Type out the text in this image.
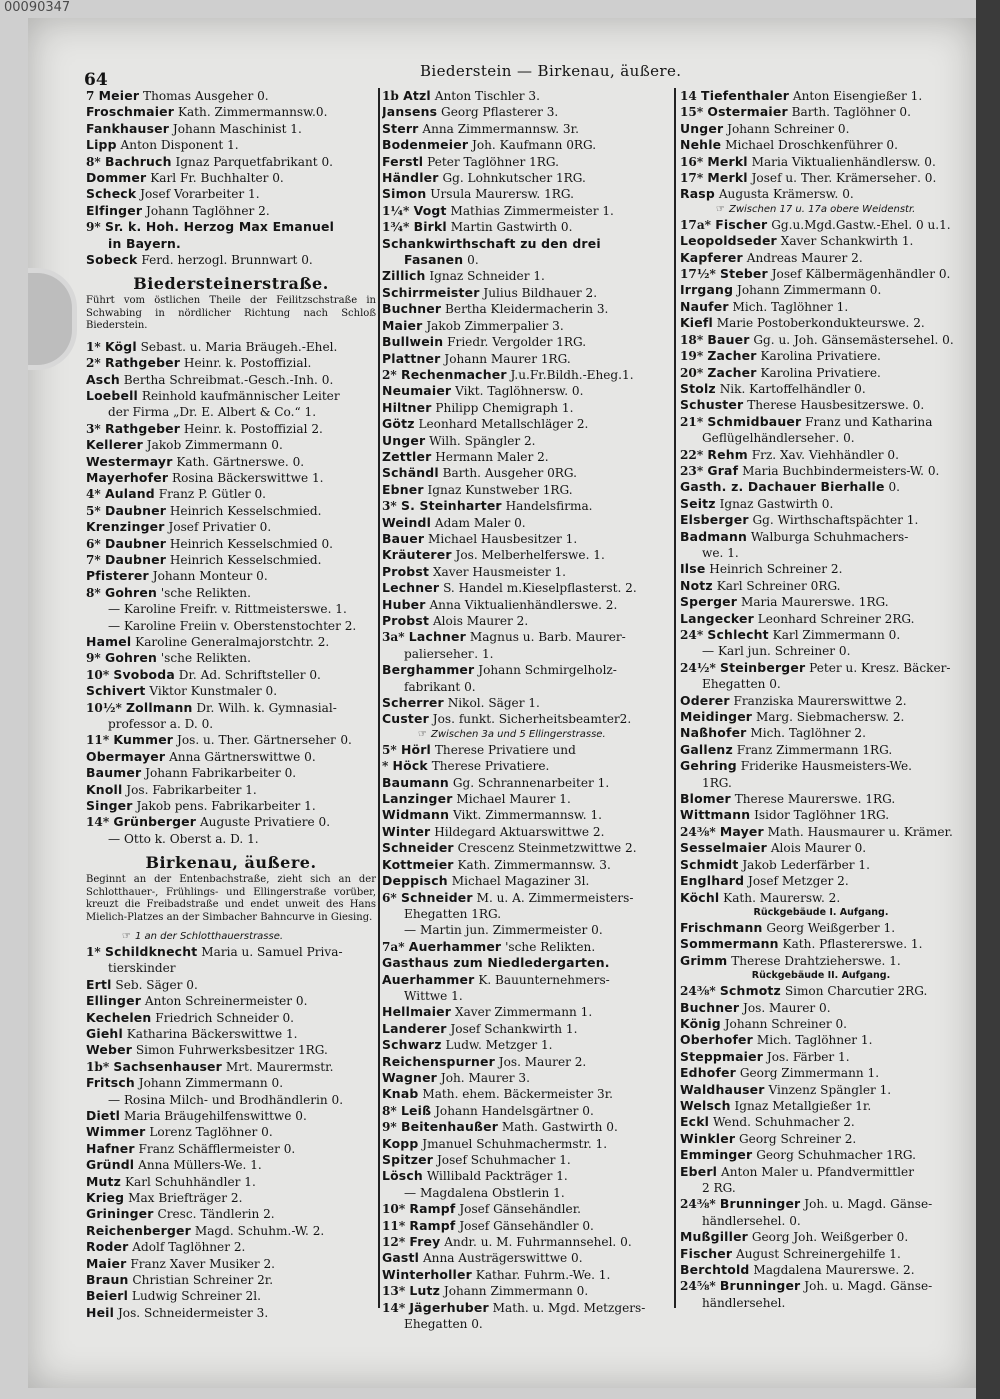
00090347
64	Biederstein — Birkenau, äußere.
7 Meier Thomas Ausgeher 0.
Froschmaier Kath. Zimmermannsw.0.
Fankhauser Johann Maschinist 1.
Lipp Anton Disponent 1.
8* Bachruch Ignaz Parquetfabrikant 0.
Dommer Karl Fr. Buchhalter 0.
Scheck Josef Vorarbeiter 1.
Elfinger Johann Taglöhner 2.
9* Sr. k. Hoh. Herzog Max Emanuel
in Bayern.
Sobeck Ferd. herzogl. Brunnwart 0.
Biedersteinerstraße.
Führt vom östlichen Theile der Feilitzschstraße in Schwabing in nördlicher Richtung nach Schloß Biederstein.
1* Kögl Sebast. u. Maria Bräugeh.-Ehel.
2* Rathgeber Heinr. k. Postoffizial.
Asch Bertha Schreibmat.-Gesch.-Inh. 0.
Loebell Reinhold kaufmännischer Leiter
der Firma „Dr. E. Albert & Co.“ 1.
3* Rathgeber Heinr. k. Postoffizial 2.
Kellerer Jakob Zimmermann 0.
Westermayr Kath. Gärtnerswe. 0.
Mayerhofer Rosina Bäckerswittwe 1.
4* Auland Franz P. Gütler 0.
5* Daubner Heinrich Kesselschmied.
Krenzinger Josef Privatier 0.
6* Daubner Heinrich Kesselschmied 0.
7* Daubner Heinrich Kesselschmied.
Pfisterer Johann Monteur 0.
8* Gohren 'sche Relikten.
— Karoline Freifr. v. Rittmeisterswe. 1.
— Karoline Freiin v. Oberstenstochter 2.
Hamel Karoline Generalmajorstchtr. 2.
9* Gohren 'sche Relikten.
10* Svoboda Dr. Ad. Schriftsteller 0.
Schivert Viktor Kunstmaler 0.
10½* Zollmann Dr. Wilh. k. Gymnasial-
professor a. D. 0.
11* Kummer Jos. u. Ther. Gärtnersehег 0.
Obermayer Anna Gärtnerswittwe 0.
Baumer Johann Fabrikarbeiter 0.
Knoll Jos. Fabrikarbeiter 1.
Singer Jakob pens. Fabrikarbeiter 1.
14* Grünberger Auguste Privatiere 0.
— Otto k. Oberst a. D. 1.
Birkenau, äußere.
Beginnt an der Entenbachstraße, zieht sich an der Schlotthauer-, Frühlings- und Ellingerstraße vorüber, kreuzt die Freibadstraße und endet unweit des Hans Mielich-Platzes an der Simbacher Bahncurve in Giesing.
☞ 1 an der Schlotthauerstrasse.
1* Schildknecht Maria u. Samuel Priva-
tierskinder
Ertl Seb. Säger 0.
Ellinger Anton Schreinermeister 0.
Kechelen Friedrich Schneider 0.
Giehl Katharina Bäckerswittwe 1.
Weber Simon Fuhrwerksbesitzer 1RG.
1b* Sachsenhauser Mrt. Maurermstr.
Fritsch Johann Zimmermann 0.
— Rosina Milch- und Brodhändlerin 0.
Dietl Maria Bräugehilfenswittwe 0.
Wimmer Lorenz Taglöhner 0.
Hafner Franz Schäfflermeister 0.
Gründl Anna Müllers-We. 1.
Mutz Karl Schuhhändler 1.
Krieg Max Briefträger 2.
Grininger Cresc. Tändlerin 2.
Reichenberger Magd. Schuhm.-W. 2.
Roder Adolf Taglöhner 2.
Maier Franz Xaver Musiker 2.
Braun Christian Schreiner 2r.
Beierl Ludwig Schreiner 2l.
Heil Jos. Schneidermeister 3.
1b Atzl Anton Tischler 3.
Jansens Georg Pflasterer 3.
Sterr Anna Zimmermannsw. 3r.
Bodenmeier Joh. Kaufmann 0RG.
Ferstl Peter Taglöhner 1RG.
Händler Gg. Lohnkutscher 1RG.
Simon Ursula Maurersw. 1RG.
1¼* Vogt Mathias Zimmermeister 1.
1¾* Birkl Martin Gastwirth 0.
Schankwirthschaft zu den drei
Fasanen 0.
Zillich Ignaz Schneider 1.
Schirrmeister Julius Bildhauer 2.
Buchner Bertha Kleidermacherin 3.
Maier Jakob Zimmerpalier 3.
Bullwein Friedr. Vergolder 1RG.
Plattner Johann Maurer 1RG.
2* Rechenmacher J.u.Fr.Bildh.-Eheg.1.
Neumaier Vikt. Taglöhnersw. 0.
Hiltner Philipp Chemigraph 1.
Götz Leonhard Metallschläger 2.
Unger Wilh. Spängler 2.
Zettler Hermann Maler 2.
Schändl Barth. Ausgeher 0RG.
Ebner Ignaz Kunstweber 1RG.
3* S. Steinharter Handelsfirma.
Weindl Adam Maler 0.
Bauer Michael Hausbesitzer 1.
Kräuterer Jos. Melberhelferswe. 1.
Probst Xaver Hausmeister 1.
Lechner S. Handel m.Kieselpflasterst. 2.
Huber Anna Viktualienhändlerswe. 2.
Probst Alois Maurer 2.
3a* Lachner Magnus u. Barb. Maurer-
paliersehег. 1.
Berghammer Johann Schmirgelholz-
fabrikant 0.
Scherrer Nikol. Säger 1.
Custer Jos. funkt. Sicherheitsbeamter2.
☞ Zwischen 3a und 5 Ellingerstrasse.
5* Hörl Therese Privatiere und
* Höck Therese Privatiere.
Baumann Gg. Schrannenarbeiter 1.
Lanzinger Michael Maurer 1.
Widmann Vikt. Zimmermannsw. 1.
Winter Hildegard Aktuarswittwe 2.
Schneider Crescenz Steinmetzwittwe 2.
Kottmeier Kath. Zimmermannsw. 3.
Deppisch Michael Magaziner 3l.
6* Schneider M. u. A. Zimmermeisters-
Ehegatten 1RG.
— Martin jun. Zimmermeister 0.
7a* Auerhammer 'sche Relikten.
Gasthaus zum Niedledergarten.
Auerhammer K. Bauunternehmers-
Wittwe 1.
Hellmaier Xaver Zimmermann 1.
Landerer Josef Schankwirth 1.
Schwarz Ludw. Metzger 1.
Reichenspurner Jos. Maurer 2.
Wagner Joh. Maurer 3.
Knab Math. ehem. Bäckermeister 3r.
8* Leiß Johann Handelsgärtner 0.
9* Beitenhaußer Math. Gastwirth 0.
Kopp Jmanuel Schuhmachermstr. 1.
Spitzer Josef Schuhmacher 1.
Lösch Willibald Packträger 1.
— Magdalena Obstlerin 1.
10* Rampf Josef Gänsehändler.
11* Rampf Josef Gänsehändler 0.
12* Frey Andr. u. M. Fuhrmannsehel. 0.
Gastl Anna Austrägerswittwe 0.
Winterholler Kathar. Fuhrm.-We. 1.
13* Lutz Johann Zimmermann 0.
14* Jägerhuber Math. u. Mgd. Metzgers-
Ehegatten 0.
14 Tiefenthaler Anton Eisengießer 1.
15* Ostermaier Barth. Taglöhner 0.
Unger Johann Schreiner 0.
Nehle Michael Droschkenführer 0.
16* Merkl Maria Viktualienhändlersw. 0.
17* Merkl Josef u. Ther. Krämersehег. 0.
Rasp Augusta Krämersw. 0.
☞ Zwischen 17 u. 17a obere Weidenstr.
17a* Fischer Gg.u.Mgd.Gastw.-Ehel. 0 u.1.
Leopoldseder Xaver Schankwirth 1.
Kapferer Andreas Maurer 2.
17½* Steber Josef Kälbermägenhändler 0.
Irrgang Johann Zimmermann 0.
Naufer Mich. Taglöhner 1.
Kiefl Marie Postoberkondukteurswe. 2.
18* Bauer Gg. u. Joh. Gänsemästersehel. 0.
19* Zacher Karolina Privatiere.
20* Zacher Karolina Privatiere.
Stolz Nik. Kartoffelhändler 0.
Schuster Therese Hausbesitzerswe. 0.
21* Schmidbauer Franz und Katharina
Geflügelhändlersehег. 0.
22* Rehm Frz. Xav. Viehhändler 0.
23* Graf Maria Buchbindermeisters-W. 0.
Gasth. z. Dachauer Bierhalle 0.
Seitz Ignaz Gastwirth 0.
Elsberger Gg. Wirthschaftspächter 1.
Badmann Walburga Schuhmachers-
we. 1.
Ilse Heinrich Schreiner 2.
Notz Karl Schreiner 0RG.
Sperger Maria Maurerswe. 1RG.
Langecker Leonhard Schreiner 2RG.
24* Schlecht Karl Zimmermann 0.
— Karl jun. Schreiner 0.
24½* Steinberger Peter u. Kresz. Bäcker-
Ehegatten 0.
Oderer Franziska Maurerswittwe 2.
Meidinger Marg. Siebmachersw. 2.
Naßhofer Mich. Taglöhner 2.
Gallenz Franz Zimmermann 1RG.
Gehring Friderike Hausmeisters-We.
1RG.
Blomer Therese Maurerswe. 1RG.
Wittmann Isidor Taglöhner 1RG.
24⅜* Mayer Math. Hausmaurer u. Krämer.
Sesselmaier Alois Maurer 0.
Schmidt Jakob Lederfärber 1.
Englhard Josef Metzger 2.
Köchl Kath. Maurersw. 2.
Rückgebäude I. Aufgang.
Frischmann Georg Weißgerber 1.
Sommermann Kath. Pflastererswe. 1.
Grimm Therese Drahtzieherswe. 1.
Rückgebäude II. Aufgang.
24⅜* Schmotz Simon Charcutier 2RG.
Buchner Jos. Maurer 0.
König Johann Schreiner 0.
Oberhofer Mich. Taglöhner 1.
Steppmaier Jos. Färber 1.
Edhofer Georg Zimmermann 1.
Waldhauser Vinzenz Spängler 1.
Welsch Ignaz Metallgießer 1r.
Eckl Wend. Schuhmacher 2.
Winkler Georg Schreiner 2.
Emminger Georg Schuhmacher 1RG.
Eberl Anton Maler u. Pfandvermittler
2 RG.
24⅜* Brunninger Joh. u. Magd. Gänse-
händlersehel. 0.
Mußgiller Georg Joh. Weißgerber 0.
Fischer August Schreinergehilfe 1.
Berchtold Magdalena Maurerswe. 2.
24⅝* Brunninger Joh. u. Magd. Gänse-
händlersehel.
